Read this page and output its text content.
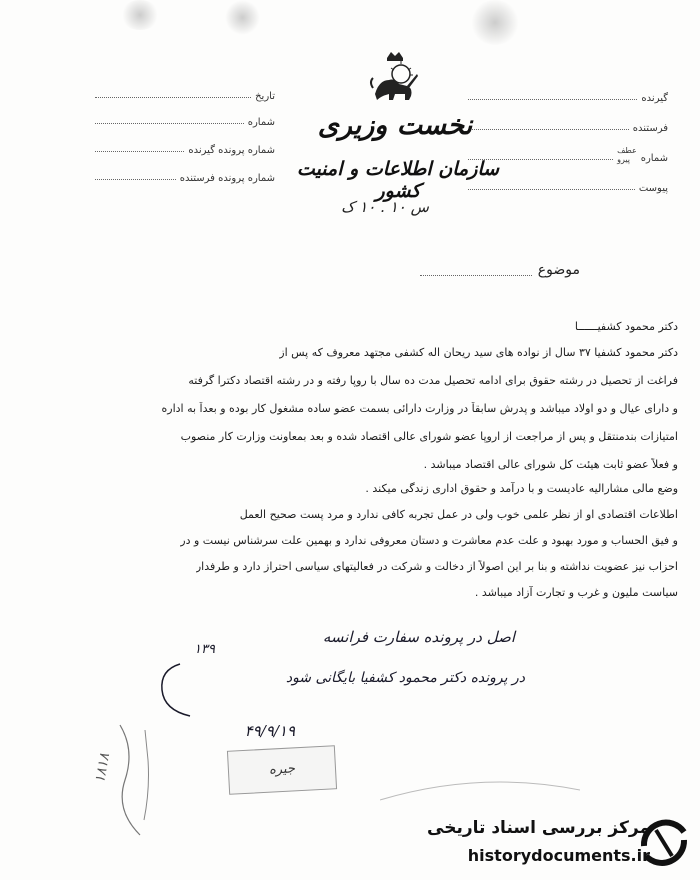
گیرنده
فرستنده
شماره
عطف
پیرو
پیوست
تاریخ
شماره
شماره پرونده گیرنده
شماره پرونده فرستنده
نخست وزیری
سازمان اطلاعات و امنیت کشور
س ۱۰ . ۱۰ ک
موضوع
دکتر محمود کشفیــــــا
دکتر محمود کشفیا ۳۷ سال از نواده های سید ریحان اله کشفی مجتهد معروف که پس از
فراغت از تحصیل در رشته حقوق برای ادامه تحصیل مدت ده سال با روپا رفته و در رشته اقتصاد دکترا گرفته
و دارای عیال و دو اولاد میباشد و پدرش سابقاً در وزارت دارائی بسمت عضو ساده مشغول کار بوده و بعداً به اداره
امتیازات بندمنتقل و پس از مراجعت از اروپا عضو شورای عالی اقتصاد شده و بعد بمعاونت وزارت کار منصوب
و فعلاً عضو ثابت هیئت کل شورای عالی اقتصاد میباشد .
وضع مالی مشارالیه عادیست و با درآمد و حقوق اداری زندگی میکند .
اطلاعات اقتصادی او از نظر علمی خوب ولی در عمل تجربه کافی ندارد و مرد پست صحیح العمل
و فیق الحساب و مورد بهبود و علت عدم معاشرت و دستان معروفی ندارد و بهمین علت سرشناس نیست و در
احزاب نیز عضویت نداشته و بنا بر این اصولاً از دخالت و شرکت در فعالیتهای سیاسی احتراز دارد و طرفدار
سیاست ملیون و غرب و تجارت آزاد میباشد .
اصل در پرونده سفارت فرانسه
۱۳۹
در پرونده دکتر محمود کشفیا بایگانی شود
۴۹/۹/۱۹
جیره
۱۸۱۸
مرکز بررسی اسناد تاریخی
historydocuments.ir
